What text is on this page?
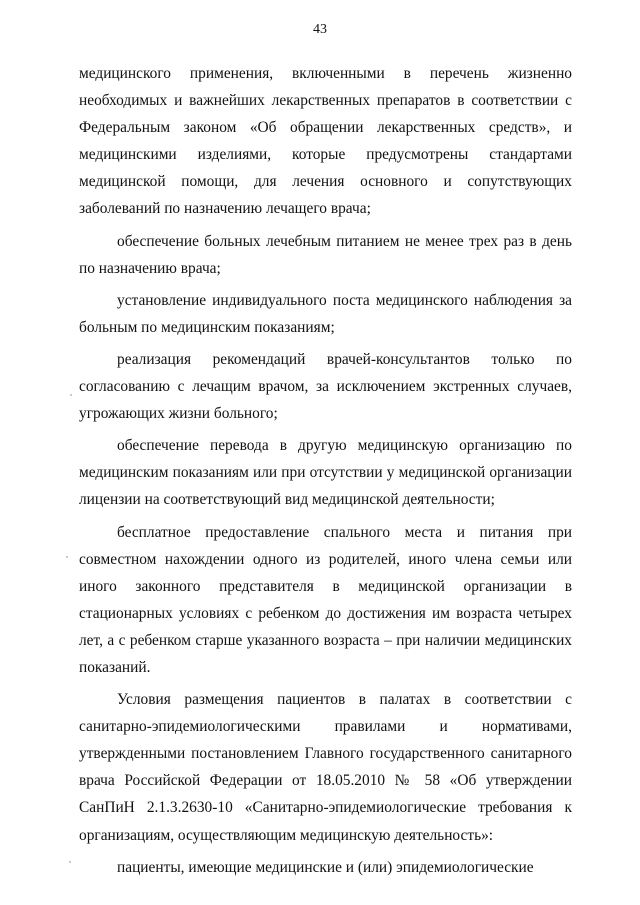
43

медицинского применения, включенными в перечень жизненно необходимых и важнейших лекарственных препаратов в соответствии с Федеральным законом «Об обращении лекарственных средств», и медицинскими изделиями, которые предусмотрены стандартами медицинской помощи, для лечения основного и сопутствующих заболеваний по назначению лечащего врача;

обеспечение больных лечебным питанием не менее трех раз в день по назначению врача;

установление индивидуального поста медицинского наблюдения за больным по медицинским показаниям;

реализация рекомендаций врачей-консультантов только по согласованию с лечащим врачом, за исключением экстренных случаев, угрожающих жизни больного;

обеспечение перевода в другую медицинскую организацию по медицинским показаниям или при отсутствии у медицинской организации лицензии на соответствующий вид медицинской деятельности;

бесплатное предоставление спального места и питания при совместном нахождении одного из родителей, иного члена семьи или иного законного представителя в медицинской организации в стационарных условиях с ребенком до достижения им возраста четырех лет, а с ребенком старше указанного возраста – при наличии медицинских показаний.

Условия размещения пациентов в палатах в соответствии с санитарно-эпидемиологическими правилами и нормативами, утвержденными постановлением Главного государственного санитарного врача Российской Федерации от 18.05.2010 № 58 «Об утверждении СанПиН 2.1.3.2630-10 «Санитарно-эпидемиологические требования к организациям, осуществляющим медицинскую деятельность»:

пациенты, имеющие медицинские и (или) эпидемиологические
